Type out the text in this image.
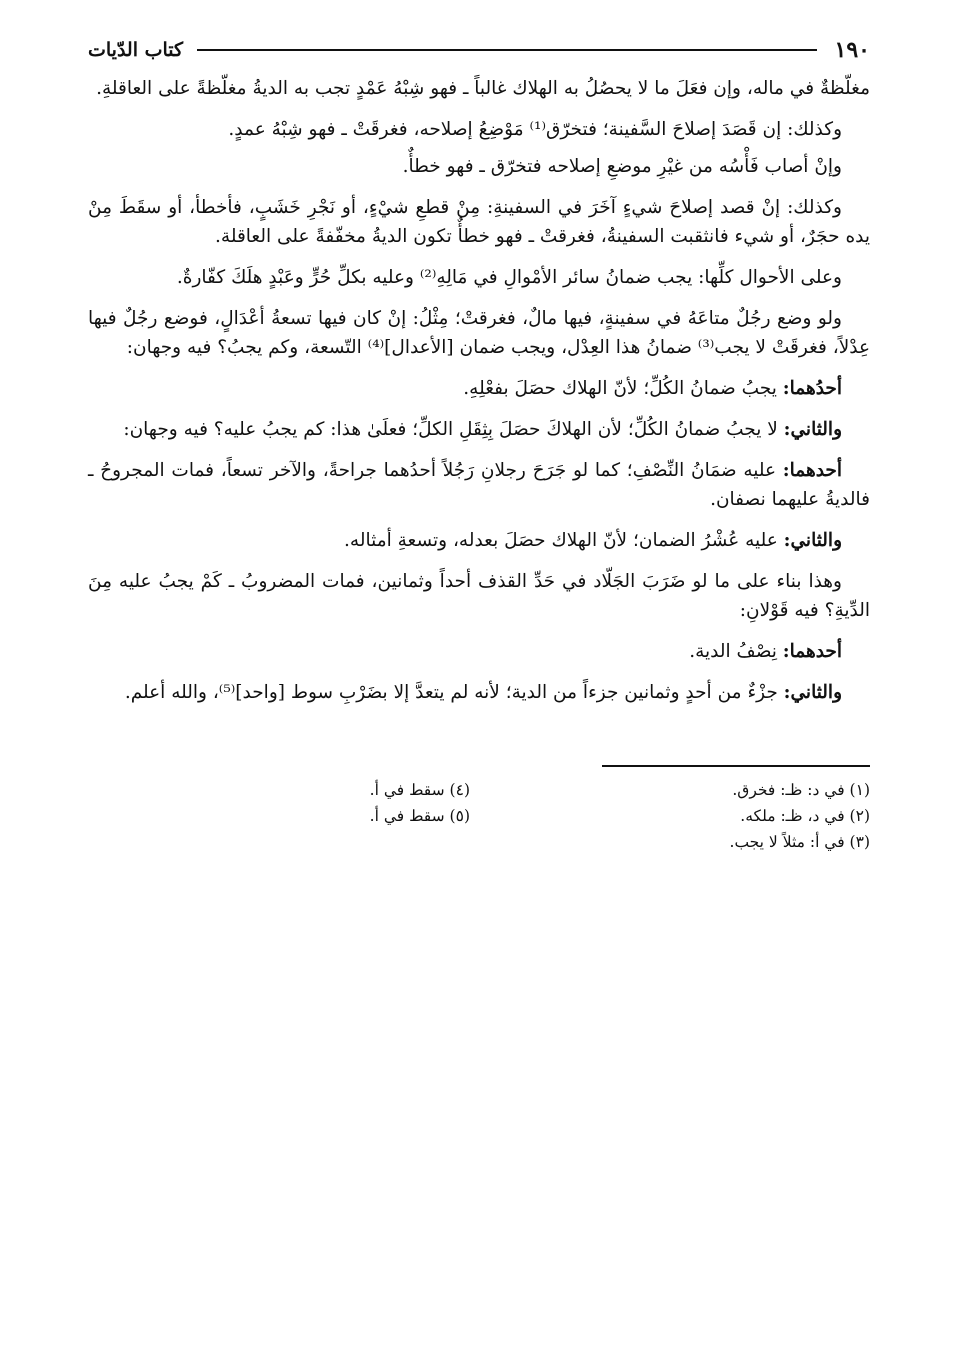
١٩٠
كتاب الدّيات

مغلّظةٌ في ماله، وإن فعَلَ ما لا يحصُلُ به الهلاك غالباً ـ فهو شِبْهُ عَمْدٍ تجب به الديةُ مغلّظةً على العاقلةِ.

وكذلك: إن قَصَدَ إصلاحَ السَّفينة؛ فتخرّق⁽¹⁾ مَوْضِعُ إصلاحه، فغرقَتْ ـ فهو شِبْهُ عمدٍ.

وإنْ أصاب فَأْسُه من غيْرِ موضعِ إصلاحه فتخرّق ـ فهو خطأٌ.

وكذلك: إنْ قصد إصلاحَ شيءٍ آخَرَ في السفينةِ: مِنْ قطعِ شيْءٍ، أو نَجْرِ خَشَبٍ، فأخطأ، أو سقَطَ مِنْ يده حجَرٌ، أو شيء فانثقبت السفينةُ، فغرقتْ ـ فهو خطأٌ تكون الديةُ مخفّفةً على العاقلة.

وعلى الأحوال كلِّها: يجب ضمانُ سائر الأمْوالِ في مَالِهِ⁽²⁾ وعليه بكلِّ حُرٍّ وعَبْدٍ هلَكَ كفّارةٌ.

ولو وضع رجُلٌ متاعَهُ في سفينةٍ، فيها مالٌ، فغرقتْ؛ مِثْلُ: إنْ كان فيها تسعةُ أعْدَالٍ، فوضع رجُلٌ فيها عِدْلاً، فغرقَتْ لا يجب⁽³⁾ ضمانُ هذا العِدْل، ويجب ضمان [الأعدال]⁽⁴⁾ التّسعة، وكم يجبُ؟ فيه وجهان:

أحدُهما: يجبُ ضمانُ الكُلِّ؛ لأنّ الهلاك حصَلَ بفعْلِهِ.

والثاني: لا يجبُ ضمانُ الكُلِّ؛ لأن الهلاكَ حصَلَ بِثِقَلِ الكلِّ؛ فعلَىٰ هذا: كم يجبُ عليه؟ فيه وجهان:

أحدهما: عليه ضمَانُ النِّصْفِ؛ كما لو جَرَحَ رجلانِ رَجُلاً أحدُهما جراحةً، والآخر تسعاً، فمات المجروحُ ـ فالديةُ عليهما نصفان.

والثاني: عليه عُشْرُ الضمان؛ لأنّ الهلاك حصَلَ بعدله، وتسعةِ أمثاله.

وهذا بناء على ما لو ضَرَبَ الجَلّاد في حَدِّ القذف أحداً وثمانين، فمات المضروبُ ـ كَمْ يجبُ عليه مِنَ الدِّيةِ؟ فيه قَوْلانِ:

أحدهما: نِصْفُ الدية.

والثاني: جزْءٌ من أحدٍ وثمانين جزءاً من الدية؛ لأنه لم يتعدَّ إلا بضَرْبِ سوط [واحد]⁽⁵⁾، والله أعلم.

(١) في د: ظـ: فخرق.
(٢) في د، ظـ: ملكه.
(٣) في أ: مثلاً لا يجب.
(٤) سقط في أ.
(٥) سقط في أ.
